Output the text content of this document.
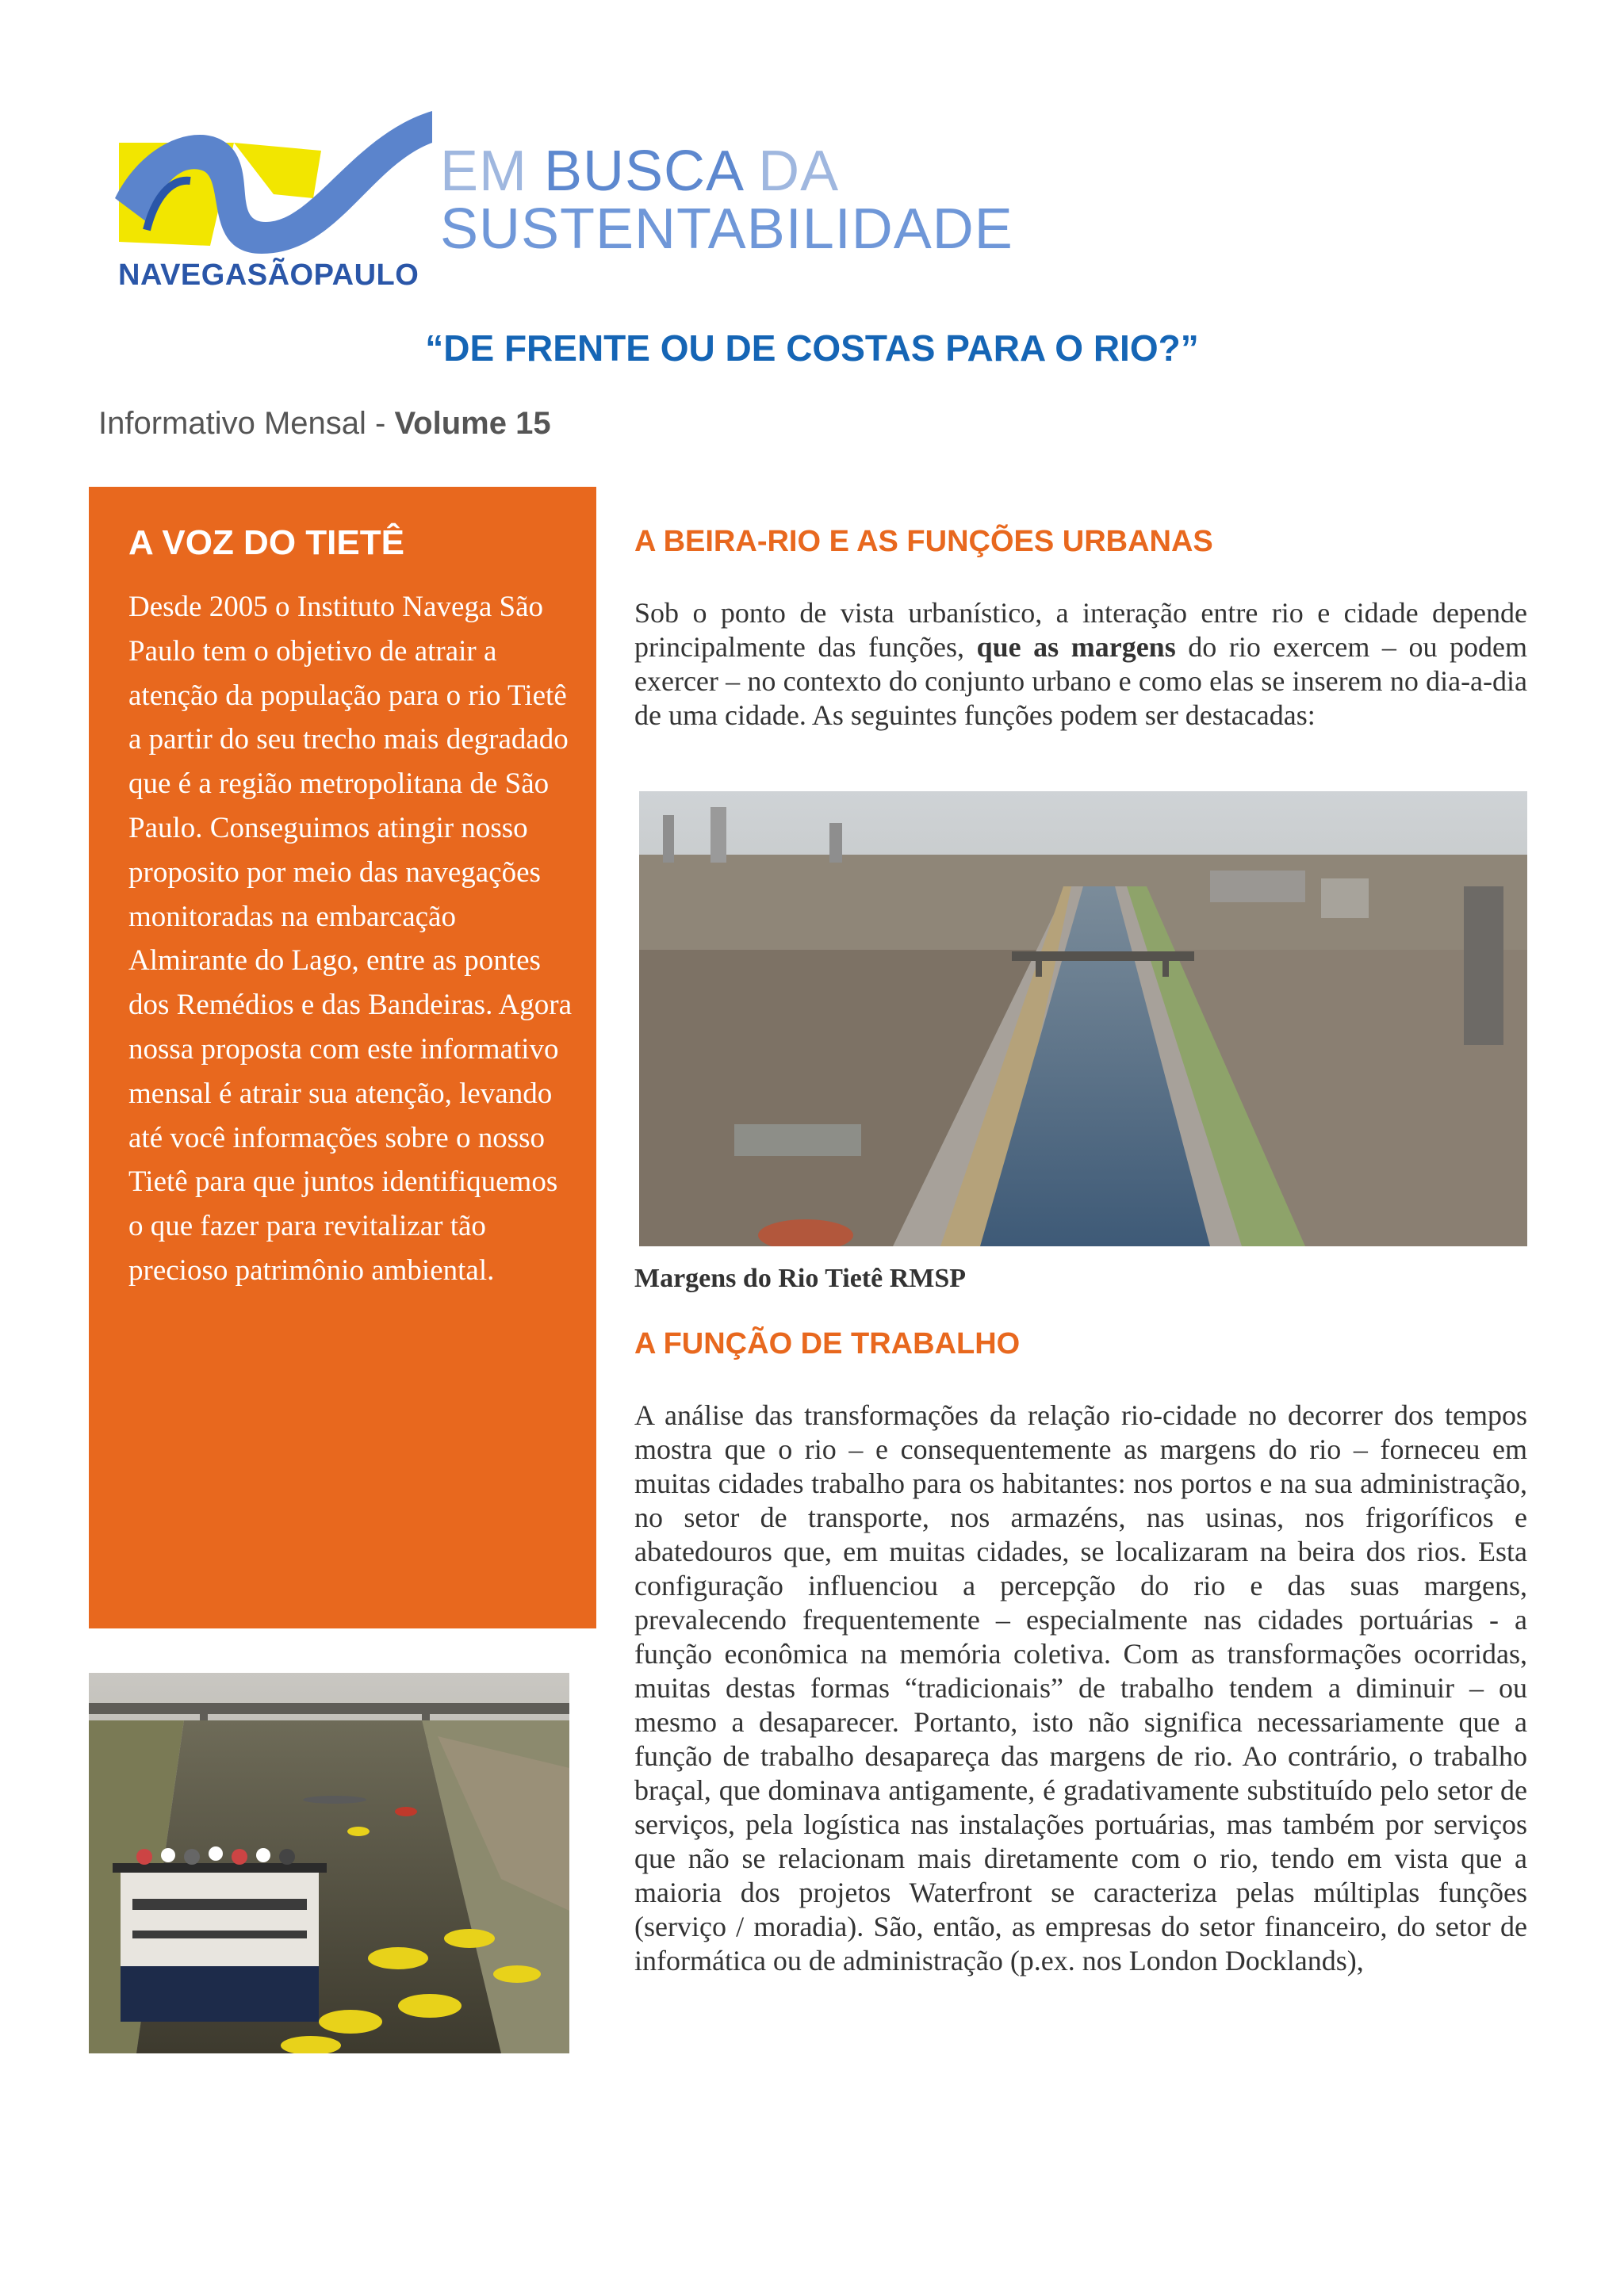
EM BUSCA DA
SUSTENTABILIDADE
NAVEGASÃOPAULO
“DE FRENTE OU DE COSTAS PARA O RIO?”
Informativo Mensal - Volume 15
A VOZ DO TIETÊ
Desde 2005 o Instituto Navega São Paulo tem o objetivo de atrair a atenção da população para o rio Tietê a partir do seu trecho mais degradado que é a região metropolitana de São Paulo. Conseguimos atingir nosso proposito por meio das navegações monitoradas na embarcação Almirante do Lago, entre as pontes dos Remédios e das Bandeiras. Agora nossa proposta com este informativo mensal é atrair sua atenção, levando até você informações sobre o nosso Tietê para que juntos identifiquemos o que fazer para revitalizar tão precioso patrimônio ambiental.
A BEIRA-RIO E AS FUNÇÕES URBANAS
Sob o ponto de vista urbanístico, a interação entre rio e cidade depende principalmente das funções, que as margens do rio exercem – ou podem exercer – no contexto do conjunto urbano e como elas se inserem no dia-a-dia de uma cidade. As seguintes funções podem ser destacadas:
Margens do Rio Tietê RMSP
A FUNÇÃO DE TRABALHO
A análise das transformações da relação rio-cidade no decorrer dos tempos mostra que o rio – e consequentemente as margens do rio – forneceu em muitas cidades trabalho para os habitantes: nos portos e na sua administração, no setor de transporte, nos armazéns, nas usinas, nos frigoríficos e abatedouros que, em muitas cidades, se localizaram na beira dos rios. Esta configuração influenciou a percepção do rio e das suas margens, prevalecendo frequentemente – especialmente nas cidades portuárias - a função econômica na memória coletiva. Com as transformações ocorridas, muitas destas formas “tradicionais” de trabalho tendem a diminuir – ou mesmo a desaparecer. Portanto, isto não significa necessariamente que a função de trabalho desapareça das margens de rio. Ao contrário, o trabalho braçal, que dominava antigamente, é gradativamente substituído pelo setor de serviços, pela logística nas instalações portuárias, mas também por serviços que não se relacionam mais diretamente com o rio, tendo em vista que a maioria dos projetos Waterfront se caracteriza pelas múltiplas funções (serviço / moradia). São, então, as empresas do setor financeiro, do setor de informática ou de administração (p.ex. nos London Docklands),
